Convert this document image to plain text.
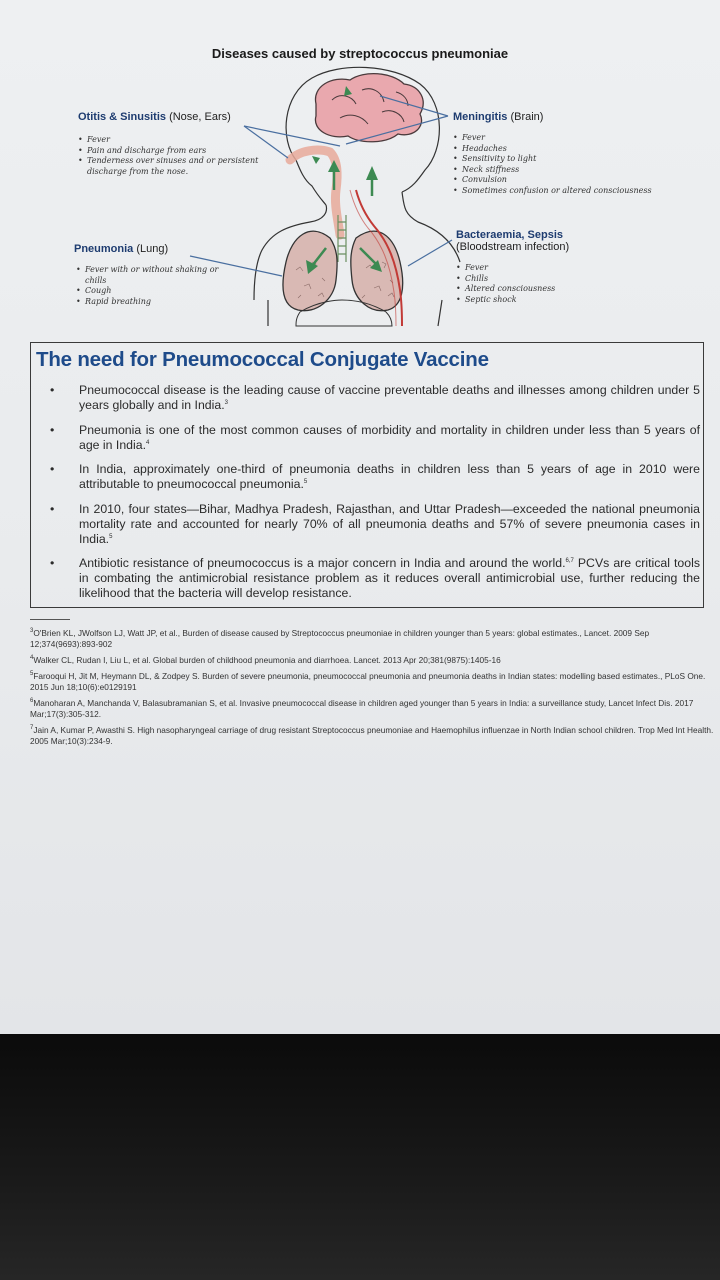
Diseases caused by streptococcus pneumoniae
Otitis & Sinusitis (Nose, Ears)
• Fever
• Pain and discharge from ears
• Tenderness over sinuses and or persistent discharge from the nose.
Meningitis (Brain)
• Fever
• Headaches
• Sensitivity to light
• Neck stiffness
• Convulsion
• Sometimes confusion or altered consciousness
Pneumonia (Lung)
• Fever with or without shaking or chills
• Cough
• Rapid breathing
Bacteraemia, Sepsis
(Bloodstream infection)
• Fever
• Chills
• Altered consciousness
• Septic shock
The need for Pneumococcal Conjugate Vaccine
• Pneumococcal disease is the leading cause of vaccine preventable deaths and illnesses among children under 5 years globally and in India.$^3$
• Pneumonia is one of the most common causes of morbidity and mortality in children under less than 5 years of age in India.$^4$
• In India, approximately one-third of pneumonia deaths in children less than 5 years of age in 2010 were attributable to pneumococcal pneumonia.$^5$
• In 2010, four states—Bihar, Madhya Pradesh, Rajasthan, and Uttar Pradesh—exceeded the national pneumonia mortality rate and accounted for nearly 70% of all pneumonia deaths and 57% of severe pneumonia cases in India.$^5$
• Antibiotic resistance of pneumococcus is a major concern in India and around the world.$^{6,7}$ PCVs are critical tools in combating the antimicrobial resistance problem as it reduces overall antimicrobial use, further reducing the likelihood that the bacteria will develop resistance.
$^3$O'Brien KL, JWolfson LJ, Watt JP, et al., Burden of disease caused by Streptococcus pneumoniae in children younger than 5 years: global estimates., Lancet. 2009 Sep 12;374(9693):893-902
$^4$Walker CL, Rudan I, Liu L, et al. Global burden of childhood pneumonia and diarrhoea. Lancet. 2013 Apr 20;381(9875):1405-16
$^5$Farooqui H, Jit M, Heymann DL, & Zodpey S. Burden of severe pneumonia, pneumococcal pneumonia and pneumonia deaths in Indian states: modelling based estimates., PLoS One. 2015 Jun 18;10(6):e0129191
$^6$Manoharan A, Manchanda V, Balasubramanian S, et al. Invasive pneumococcal disease in children aged younger than 5 years in India: a surveillance study, Lancet Infect Dis. 2017 Mar;17(3):305-312.
$^7$Jain A, Kumar P, Awasthi S. High nasopharyngeal carriage of drug resistant Streptococcus pneumoniae and Haemophilus influenzae in North Indian school children. Trop Med Int Health. 2005 Mar;10(3):234-9.
